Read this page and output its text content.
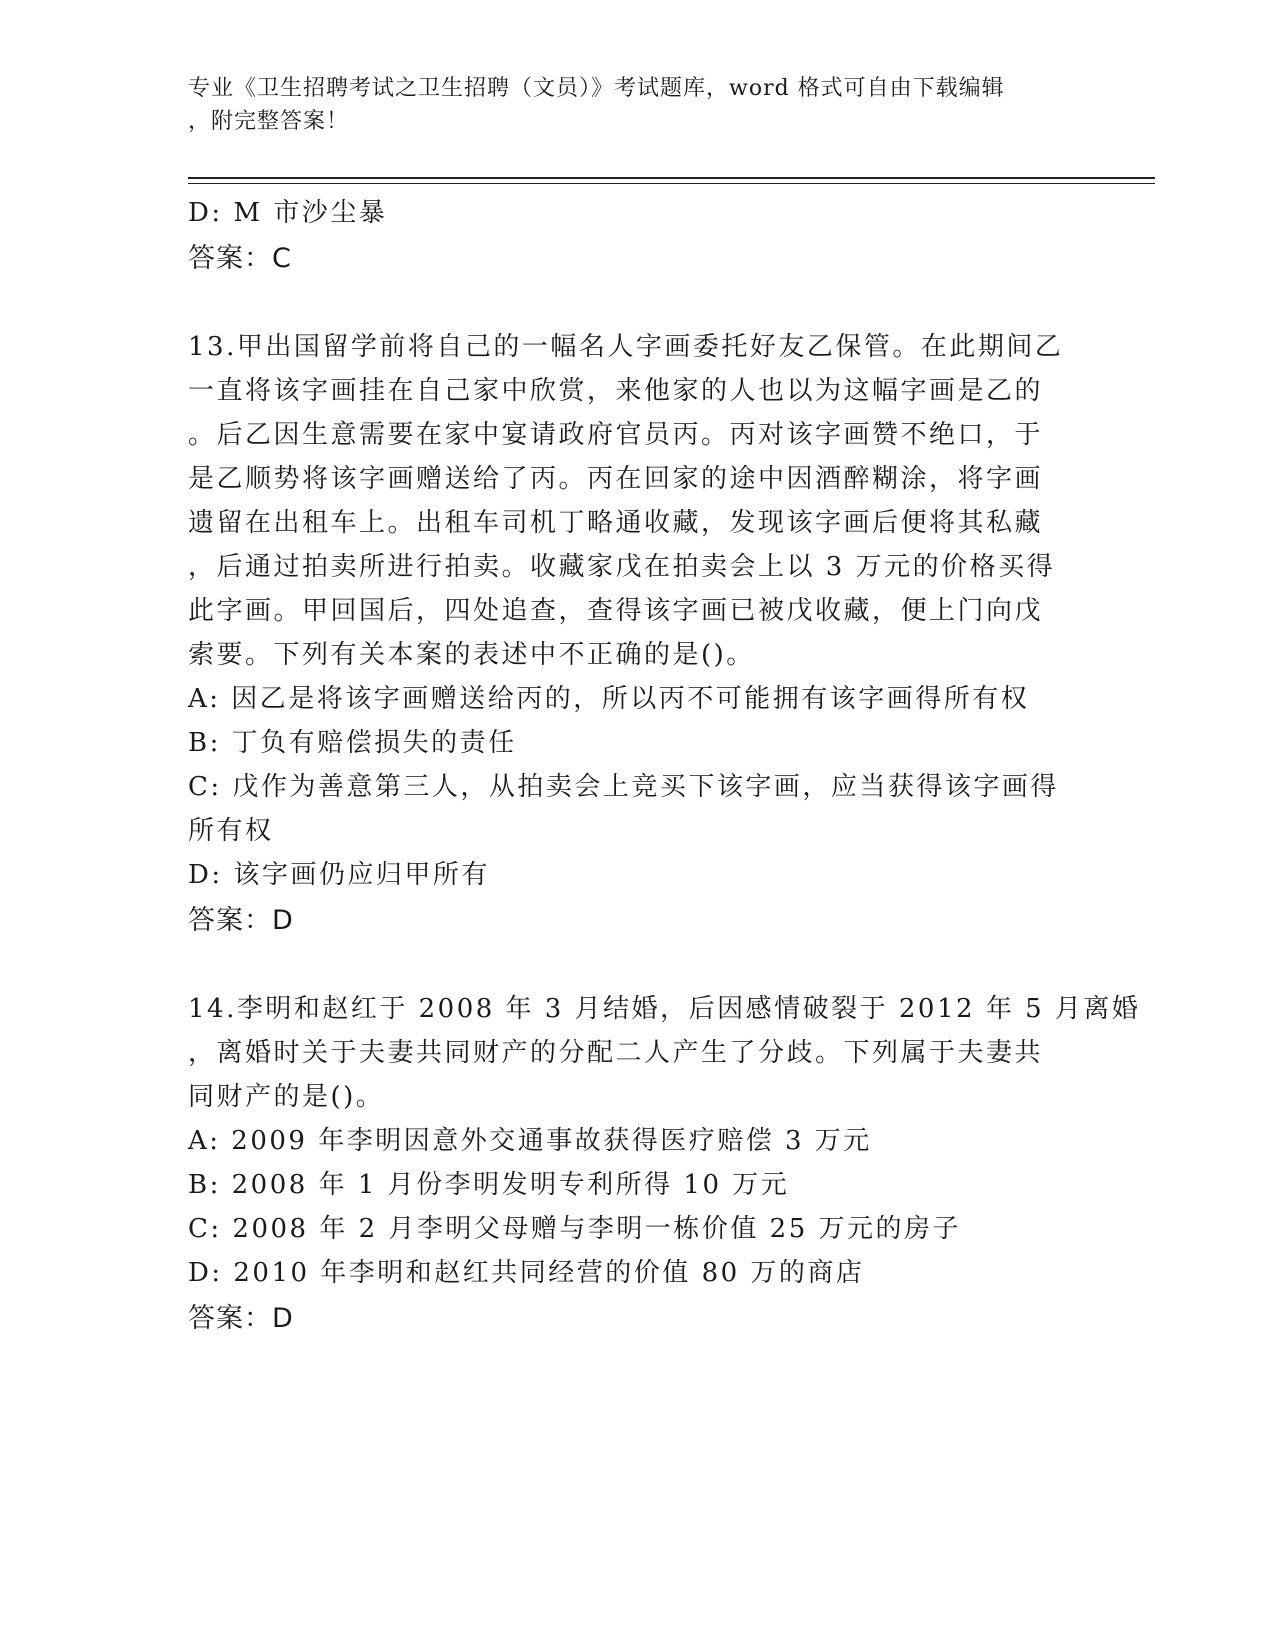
专业《卫生招聘考试之卫生招聘（文员）》考试题库，word 格式可自由下载编辑
，附完整答案！
D: M 市沙尘暴
答案：C
13.甲出国留学前将自己的一幅名人字画委托好友乙保管。在此期间乙
一直将该字画挂在自己家中欣赏，来他家的人也以为这幅字画是乙的
。后乙因生意需要在家中宴请政府官员丙。丙对该字画赞不绝口，于
是乙顺势将该字画赠送给了丙。丙在回家的途中因酒醉糊涂，将字画
遗留在出租车上。出租车司机丁略通收藏，发现该字画后便将其私藏
，后通过拍卖所进行拍卖。收藏家戊在拍卖会上以 3 万元的价格买得
此字画。甲回国后，四处追查，查得该字画已被戊收藏，便上门向戊
索要。下列有关本案的表述中不正确的是()。
A: 因乙是将该字画赠送给丙的，所以丙不可能拥有该字画得所有权
B: 丁负有赔偿损失的责任
C: 戊作为善意第三人，从拍卖会上竞买下该字画，应当获得该字画得
所有权
D: 该字画仍应归甲所有
答案：D
14.李明和赵红于 2008 年 3 月结婚，后因感情破裂于 2012 年 5 月离婚
，离婚时关于夫妻共同财产的分配二人产生了分歧。下列属于夫妻共
同财产的是()。
A: 2009 年李明因意外交通事故获得医疗赔偿 3 万元
B: 2008 年 1 月份李明发明专利所得 10 万元
C: 2008 年 2 月李明父母赠与李明一栋价值 25 万元的房子
D: 2010 年李明和赵红共同经营的价值 80 万的商店
答案：D
